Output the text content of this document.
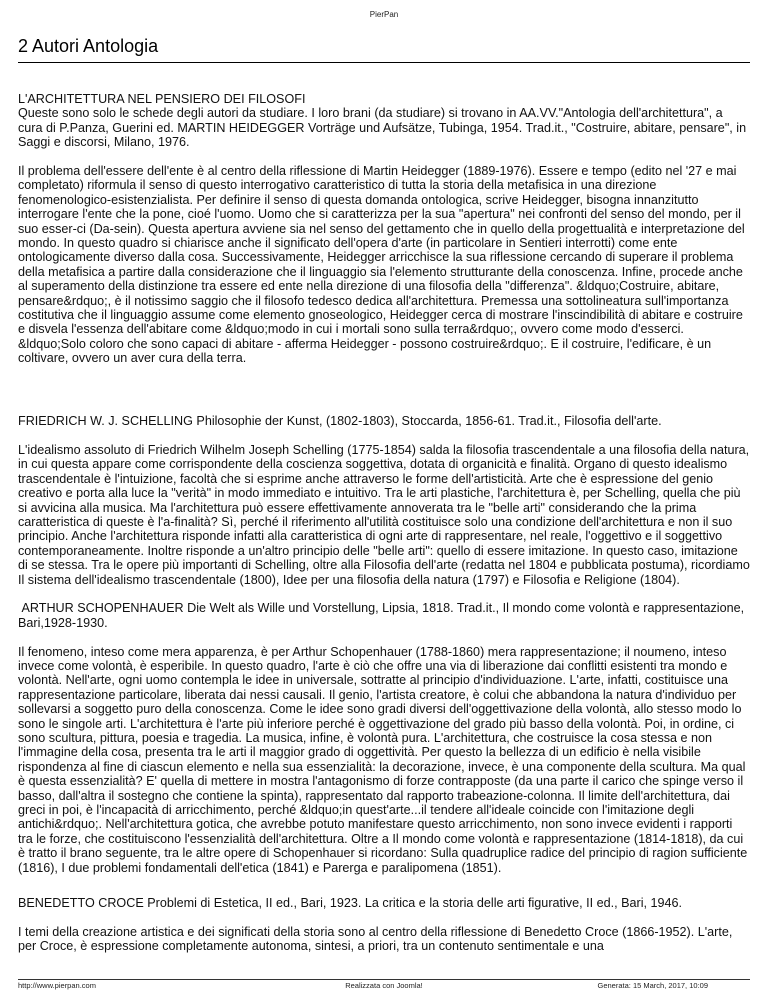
PierPan
2 Autori Antologia

L'ARCHITETTURA NEL PENSIERO DEI FILOSOFI
Queste sono solo le schede degli autori da studiare. I loro brani (da studiare) si trovano in AA.VV."Antologia dell'architettura", a cura di P.Panza, Guerini ed. MARTIN HEIDEGGER Vorträge und Aufsätze, Tubinga, 1954. Trad.it., "Costruire, abitare, pensare", in Saggi e discorsi, Milano, 1976.

Il problema dell'essere dell'ente è al centro della riflessione di Martin Heidegger (1889-1976). Essere e tempo (edito nel '27 e mai completato) riformula il senso di questo interrogativo caratteristico di tutta la storia della metafisica in una direzione fenomenologico-esistenzialista. Per definire il senso di questa domanda ontologica, scrive Heidegger, bisogna innanzitutto interrogare l'ente che la pone, cioé l'uomo. Uomo che si caratterizza per la sua "apertura" nei confronti del senso del mondo, per il suo esser-ci (Da-sein). Questa apertura avviene sia nel senso del gettamento che in quello della progettualità e interpretazione del mondo. In questo quadro si chiarisce anche il significato dell'opera d'arte (in particolare in Sentieri interrotti) come ente ontologicamente diverso dalla cosa. Successivamente, Heidegger arricchisce la sua riflessione cercando di superare il problema della metafisica a partire dalla considerazione che il linguaggio sia l'elemento strutturante della conoscenza. Infine, procede anche al superamento della distinzione tra essere ed ente nella direzione di una filosofia della "differenza". &ldquo;Costruire, abitare, pensare&rdquo;, è il notissimo saggio che il filosofo tedesco dedica all'architettura. Premessa una sottolineatura sull'importanza costitutiva che il linguaggio assume come elemento gnoseologico, Heidegger cerca di mostrare l'inscindibilità di abitare e costruire e disvela l'essenza dell'abitare come &ldquo;modo in cui i mortali sono sulla terra&rdquo;, ovvero come modo d'esserci. &ldquo;Solo coloro che sono capaci di abitare - afferma Heidegger - possono costruire&rdquo;. E il costruire, l'edificare, è un coltivare, ovvero un aver cura della terra.

FRIEDRICH W. J. SCHELLING Philosophie der Kunst, (1802-1803), Stoccarda, 1856-61. Trad.it., Filosofia dell'arte.

L'idealismo assoluto di Friedrich Wilhelm Joseph Schelling (1775-1854) salda la filosofia trascendentale a una filosofia della natura, in cui questa appare come corrispondente della coscienza soggettiva, dotata di organicità e finalità. Organo di questo idealismo trascendentale è l'intuizione, facoltà che si esprime anche attraverso le forme dell'artisticità. Arte che è espressione del genio creativo e porta alla luce la "verità" in modo immediato e intuitivo. Tra le arti plastiche, l'architettura è, per Schelling, quella che più si avvicina alla musica. Ma l'architettura può essere effettivamente annoverata tra le "belle arti" considerando che la prima caratteristica di queste è l'a-finalità? Sì, perché il riferimento all'utilità costituisce solo una condizione dell'architettura e non il suo principio. Anche l'architettura risponde infatti alla caratteristica di ogni arte di rappresentare, nel reale, l'oggettivo e il soggettivo contemporaneamente. Inoltre risponde a un'altro principio delle "belle arti": quello di essere imitazione. In questo caso, imitazione di se stessa. Tra le opere più importanti di Schelling, oltre alla Filosofia dell'arte (redatta nel 1804 e pubblicata postuma), ricordiamo Il sistema dell'idealismo trascendentale (1800), Idee per una filosofia della natura (1797) e Filosofia e Religione (1804).

ARTHUR SCHOPENHAUER Die Welt als Wille und Vorstellung, Lipsia, 1818. Trad.it., Il mondo come volontà e rappresentazione, Bari,1928-1930.

Il fenomeno, inteso come mera apparenza, è per Arthur Schopenhauer (1788-1860) mera rappresentazione; il noumeno, inteso invece come volontà, è esperibile. In questo quadro, l'arte è ciò che offre una via di liberazione dai conflitti esistenti tra mondo e volontà. Nell'arte, ogni uomo contempla le idee in universale, sottratte al principio d'individuazione. L'arte, infatti, costituisce una rappresentazione particolare, liberata dai nessi causali. Il genio, l'artista creatore, è colui che abbandona la natura d'individuo per sollevarsi a soggetto puro della conoscenza. Come le idee sono gradi diversi dell'oggettivazione della volontà, allo stesso modo lo sono le singole arti. L'architettura è l'arte più inferiore perché è oggettivazione del grado più basso della volontà. Poi, in ordine, ci sono scultura, pittura, poesia e tragedia. La musica, infine, è volontà pura. L'architettura, che costruisce la cosa stessa e non l'immagine della cosa, presenta tra le arti il maggior grado di oggettività. Per questo la bellezza di un edificio è nella visibile rispondenza al fine di ciascun elemento e nella sua essenzialità: la decorazione, invece, è una componente della scultura. Ma qual è questa essenzialità? E' quella di mettere in mostra l'antagonismo di forze contrapposte (da una parte il carico che spinge verso il basso, dall'altra il sostegno che contiene la spinta), rappresentato dal rapporto trabeazione-colonna. Il limite dell'architettura, dai greci in poi, è l'incapacità di arricchimento, perché &ldquo;in quest'arte...il tendere all'ideale coincide con l'imitazione degli antichi&rdquo;. Nell'architettura gotica, che avrebbe potuto manifestare questo arricchimento, non sono invece evidenti i rapporti tra le forze, che costituiscono l'essenzialità dell'architettura. Oltre a Il mondo come volontà e rappresentazione (1814-1818), da cui è tratto il brano seguente, tra le altre opere di Schopenhauer si ricordano: Sulla quadruplice radice del principio di ragion sufficiente (1816), I due problemi fondamentali dell'etica (1841) e Parerga e paralipomena (1851).

BENEDETTO CROCE Problemi di Estetica, II ed., Bari, 1923. La critica e la storia delle arti figurative, II ed., Bari, 1946.

I temi della creazione artistica e dei significati della storia sono al centro della riflessione di Benedetto Croce (1866-1952). L'arte, per Croce, è espressione completamente autonoma, sintesi, a priori, tra un contenuto sentimentale e una

http://www.pierpan.com	Realizzata con Joomla!	Generata: 15 March, 2017, 10:09
